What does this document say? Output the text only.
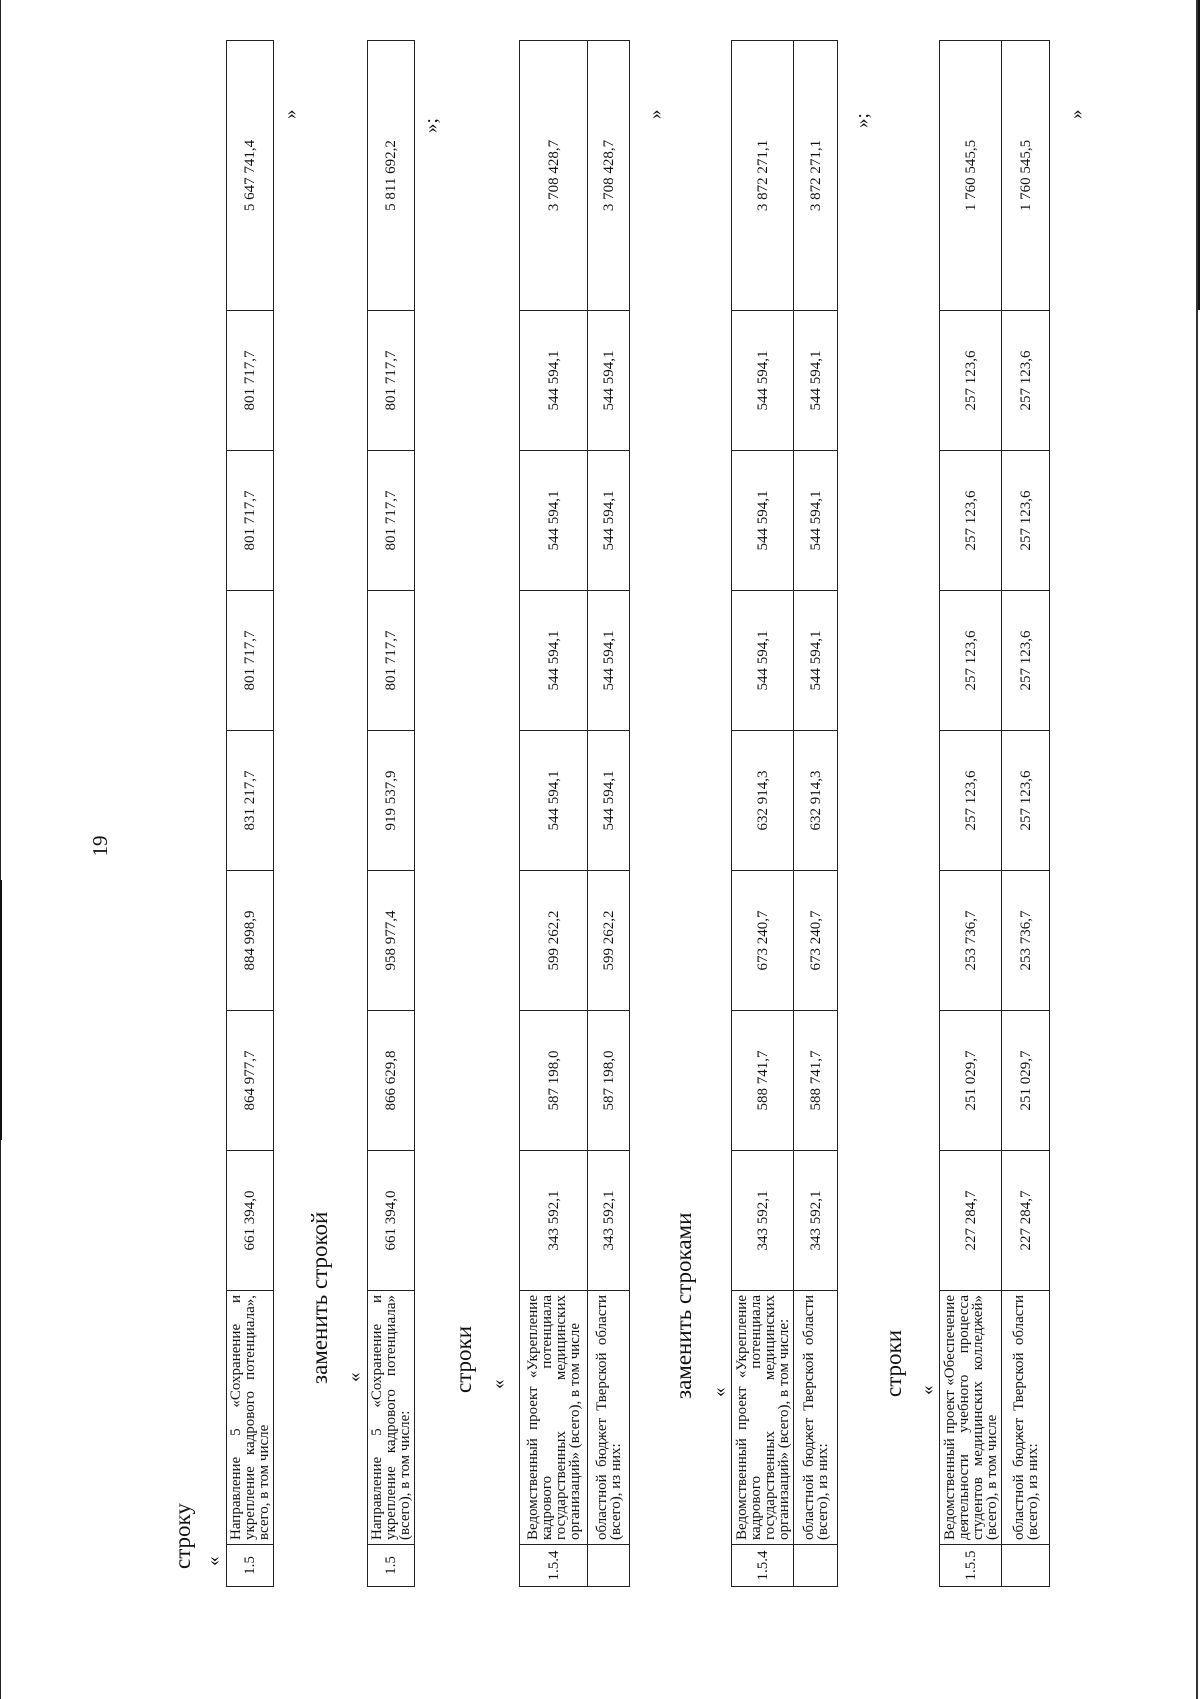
19
строку « 1.5	Направление 5 «Сохранение и укрепление кадрового потенциала», всего, в том числе	661 394,0	864 977,7	884 998,9	831 217,7	801 717,7	801 717,7	801 717,7	5 647 741,4
»
заменить строкой «
1.5	Направление 5 «Сохранение и укрепление кадрового потенциала» (всего), в том числе:	661 394,0	866 629,8	958 977,4	919 537,9	801 717,7	801 717,7	801 717,7	5 811 692,2
»;
строки «
1.5.4	Ведомственный проект «Укрепление кадрового потенциала государственных медицинских организаций» (всего), в том числе	343 592,1	587 198,0	599 262,2	544 594,1	544 594,1	544 594,1	544 594,1	3 708 428,7
	областной бюджет Тверской области (всего), из них:	343 592,1	587 198,0	599 262,2	544 594,1	544 594,1	544 594,1	544 594,1	3 708 428,7
»
заменить строками «
1.5.4	Ведомственный проект «Укрепление кадрового потенциала государственных медицинских организаций» (всего), в том числе:	343 592,1	588 741,7	673 240,7	632 914,3	544 594,1	544 594,1	544 594,1	3 872 271,1
	областной бюджет Тверской области (всего), из них:	343 592,1	588 741,7	673 240,7	632 914,3	544 594,1	544 594,1	544 594,1	3 872 271,1
»;
строки «
1.5.5	Ведомственный проект «Обеспечение деятельности учебного процесса студентов медицинских колледжей» (всего), в том числе	227 284,7	251 029,7	253 736,7	257 123,6	257 123,6	257 123,6	257 123,6	1 760 545,5
	областной бюджет Тверской области (всего), из них:	227 284,7	251 029,7	253 736,7	257 123,6	257 123,6	257 123,6	257 123,6	1 760 545,5
»
